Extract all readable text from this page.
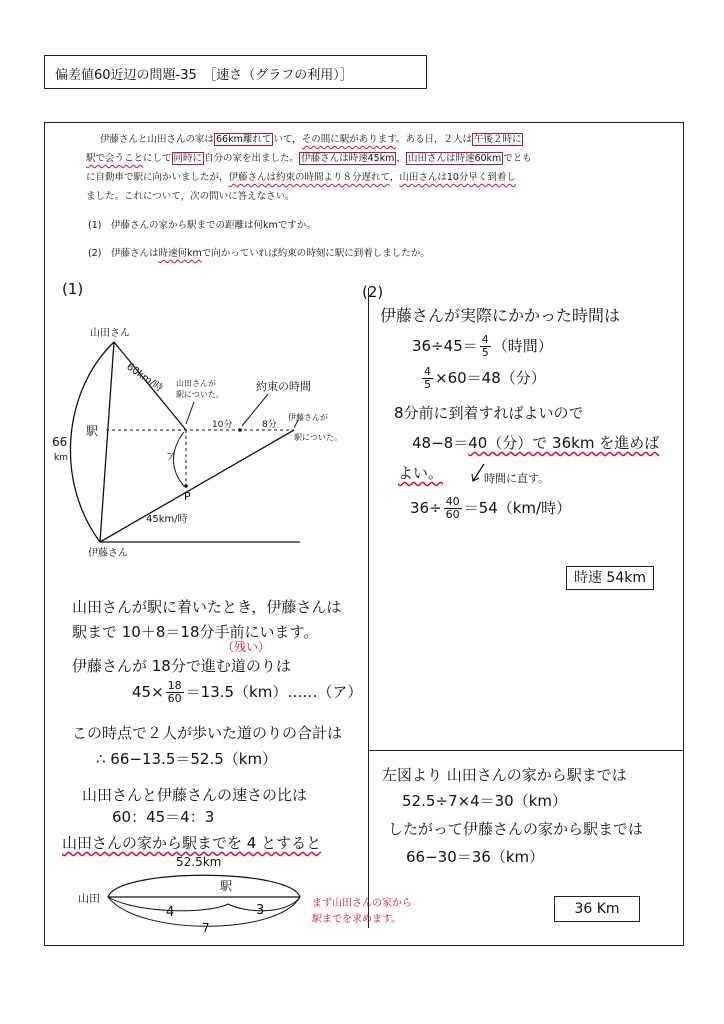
偏差値60近辺の問題-35　［速さ（グラフの利用）］
伊藤さんと山田さんの家は 66km離れて いて，その間に駅があります。ある日，２人は 午後２時に
駅で会うことにして 同時に 自分の家を出ました。 伊藤さんは時速45km ， 山田さんは時速60km でとも
に自動車で駅に向かいましたが，伊藤さんは約束の時間より８分遅れて，山田さんは10分早く到着し
ました。これについて，次の問いに答えなさい。
(1)　伊藤さんの家から駅までの距離は何kmですか。
(2)　伊藤さんは時速何kmで向かっていれば約束の時刻に駅に到着しましたか。
(1)
山田さん
60km/時 山田さんが
駅についた。
約束の時間
10分	8分
伊藤さんが
駅についた。
駅
66
km	ア
P
45km/時
伊藤さん
山田さんが駅に着いたとき，伊藤さんは
駅まで 10＋8＝18分手前にいます。
（残い）
伊藤さんが 18分で進む道のりは
$45\times \frac{18}{60}$ ＝13.5（km）……（ア）
この時点で２人が歩いた道のりの合計は
∴ 66−13.5＝52.5（km）
山田さんと伊藤さんの速さの比は
60：45＝4：3
山田さんの家から駅までを 4 とすると
52.5km
山田
駅
4	3
7
まず山田さんの家から
駅までを求めます。
(2)
伊藤さんが実際にかかった時間は
$36\div 45= \frac{4}{5}$ （時間）
$\frac{4}{5} \times 60=48$（分）
8分前に到着すればよいので
48−8＝40（分）で 36km を進めば
よい。	時間に直す。
$36\div \frac{40}{60} =54(km/$時）
時速 54km
左図より 山田さんの家から駅までは
52.5÷7×4＝30（km）
したがって伊藤さんの家から駅までは
66−30＝36（km）
36 Km
